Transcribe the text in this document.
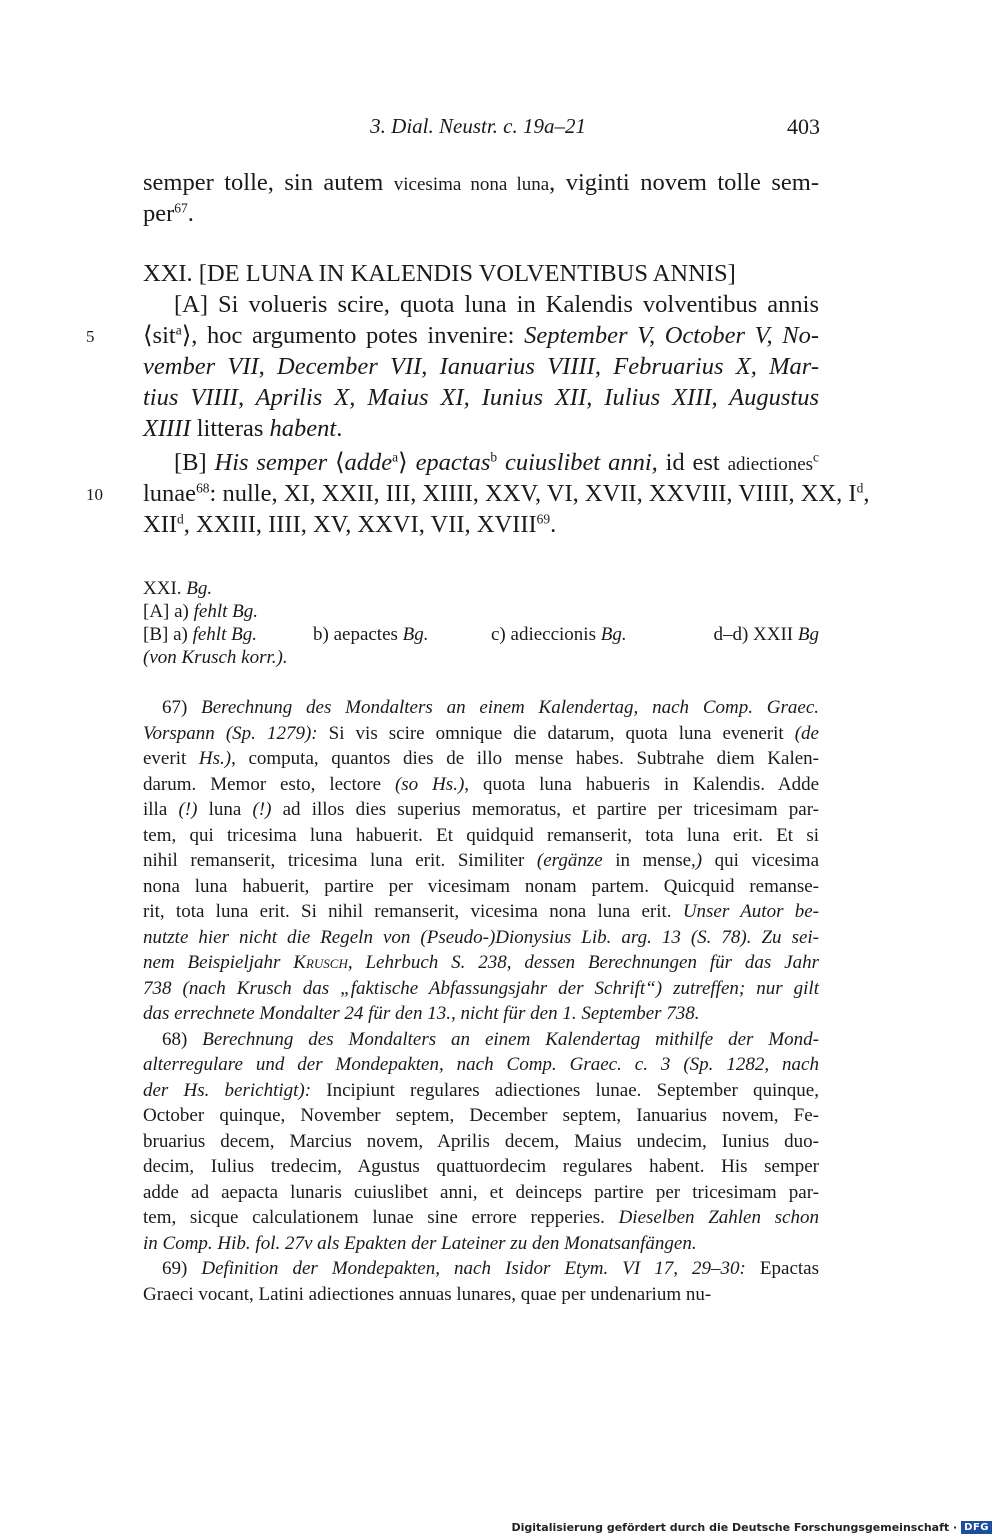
3. Dial. Neustr. c. 19a–21	403
semper tolle, sin autem vicesima nona luna, viginti novem tolle sem-
per$^{67}$.
XXI. [DE LUNA IN KALENDIS VOLVENTIBUS ANNIS]
[A] Si volueris scire, quota luna in Kalendis volventibus annis
⟨sit$^a$⟩, hoc argumento potes invenire: September V, October V, No-
vember VII, December VII, Ianuarius VIIII, Februarius X, Mar-
tius VIIII, Aprilis X, Maius XI, Iunius XII, Iulius XIII, Augustus
XIIII litteras habent.
[B] His semper ⟨adde$^a$⟩ epactas$^b$ cuiuslibet anni, id est adiectiones$^c$
lunae$^{68}$: nulle, XI, XXII, III, XIIII, XXV, VI, XVII, XXVIII, VIIII, XX, $I^d$,
XII$^d$, XXIII, IIII, XV, XXVI, VII, XVIII$^{69}$.
5
10
XXI. Bg.
[A] a) fehlt Bg.
[B] a) fehlt Bg.	b) aepactes Bg.	c) adieccionis Bg.	d–d) XXII Bg
(von Krusch korr.).
67) Berechnung des Mondalters an einem Kalendertag, nach Comp. Graec.
Vorspann (Sp. 1279): Si vis scire omnique die datarum, quota luna evenerit (de
everit Hs.), computa, quantos dies de illo mense habes. Subtrahe diem Kalen-
darum. Memor esto, lectore (so Hs.), quota luna habueris in Kalendis. Adde
illa (!) luna (!) ad illos dies superius memoratus, et partire per tricesimam par-
tem, qui tricesima luna habuerit. Et quidquid remanserit, tota luna erit. Et si
nihil remanserit, tricesima luna erit. Similiter (ergänze in mense,) qui vicesima
nona luna habuerit, partire per vicesimam nonam partem. Quicquid remanse-
rit, tota luna erit. Si nihil remanserit, vicesima nona luna erit. Unser Autor be-
nutzte hier nicht die Regeln von (Pseudo-)Dionysius Lib. arg. 13 (S. 78). Zu sei-
nem Beispieljahr Krusch, Lehrbuch S. 238, dessen Berechnungen für das Jahr
738 (nach Krusch das „faktische Abfassungsjahr der Schrift“) zutreffen; nur gilt
das errechnete Mondalter 24 für den 13., nicht für den 1. September 738.
68) Berechnung des Mondalters an einem Kalendertag mithilfe der Mond-
alterregulare und der Mondepakten, nach Comp. Graec. c. 3 (Sp. 1282, nach
der Hs. berichtigt): Incipiunt regulares adiectiones lunae. September quinque,
October quinque, November septem, December septem, Ianuarius novem, Fe-
bruarius decem, Marcius novem, Aprilis decem, Maius undecim, Iunius duo-
decim, Iulius tredecim, Agustus quattuordecim regulares habent. His semper
adde ad aepacta lunaris cuiuslibet anni, et deinceps partire per tricesimam par-
tem, sicque calculationem lunae sine errore repperies. Dieselben Zahlen schon
in Comp. Hib. fol. 27v als Epakten der Lateiner zu den Monatsanfängen.
69) Definition der Mondepakten, nach Isidor Etym. VI 17, 29–30: Epactas
Graeci vocant, Latini adiectiones annuas lunares, quae per undenarium nu-
Digitalisierung gefördert durch die Deutsche Forschungsgemeinschaft · DFG
